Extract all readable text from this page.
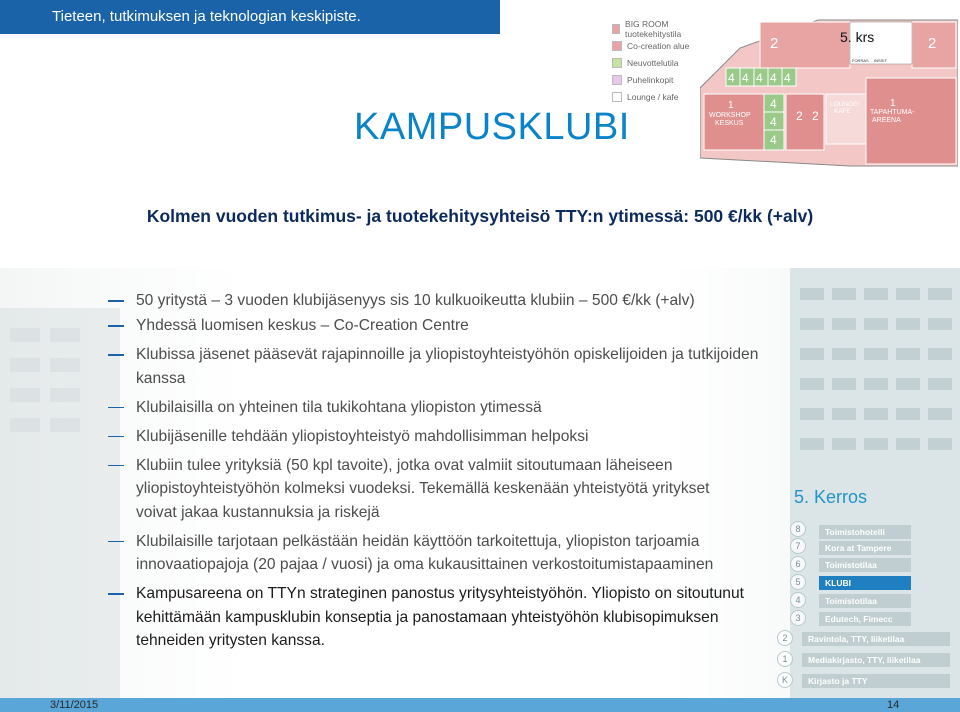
Tieteen, tutkimuksen ja teknologian keskipiste.
KAMPUSKLUBI
BIG ROOM tuotekehitystila
Co-creation alue
Neuvottelutila
Puhelinkopit
Lounge / kafe
5. krs
2	2
FORRAS INSSIT
4 4 4 4 4
1
WORKSHOP
KESKUS
4
4
4
2 2
LOUNGE/
KAFE
1
TAPAHTUMA-
AREENA
Kolmen vuoden tutkimus- ja tuotekehitysyhteisö TTY:n ytimessä: 500 €/kk (+alv)
50 yritystä – 3 vuoden klubijäsenyys sis 10 kulkuoikeutta klubiin – 500 €/kk (+alv)
Yhdessä luomisen keskus – Co-Creation Centre
Klubissa jäsenet pääsevät rajapinnoille ja yliopistoyhteistyöhön opiskelijoiden ja tutkijoiden kanssa
Klubilaisilla on yhteinen tila tukikohtana yliopiston ytimessä
Klubijäsenille tehdään yliopistoyhteistyö mahdollisimman helpoksi
Klubiin tulee yrityksiä (50 kpl tavoite), jotka ovat valmiit sitoutumaan läheiseen yliopistoyhteistyöhön kolmeksi vuodeksi. Tekemällä keskenään yhteistyötä yritykset voivat jakaa kustannuksia ja riskejä
Klubilaisille tarjotaan pelkästään heidän käyttöön tarkoitettuja, yliopiston tarjoamia innovaatiopajoja (20 pajaa / vuosi) ja oma kukausittainen verkostoitumistapaaminen
Kampusareena on TTYn strateginen panostus yritysyhteistyöhön. Yliopisto on sitoutunut kehittämään kampusklubin konseptia ja panostamaan yhteistyöhön klubisopimuksen tehneiden yritysten kanssa.
5. Kerros
8	Toimistohotelli
7	Kora at Tampere
6	Toimistotilaa
5	KLUBI
4	Toimistotilaa
3	Edutech, Fimecc
2	Ravintola, TTY, liiketilaa
1	Mediakirjasto, TTY, liiketilaa
K	Kirjasto ja TTY
3/11/2015	14
